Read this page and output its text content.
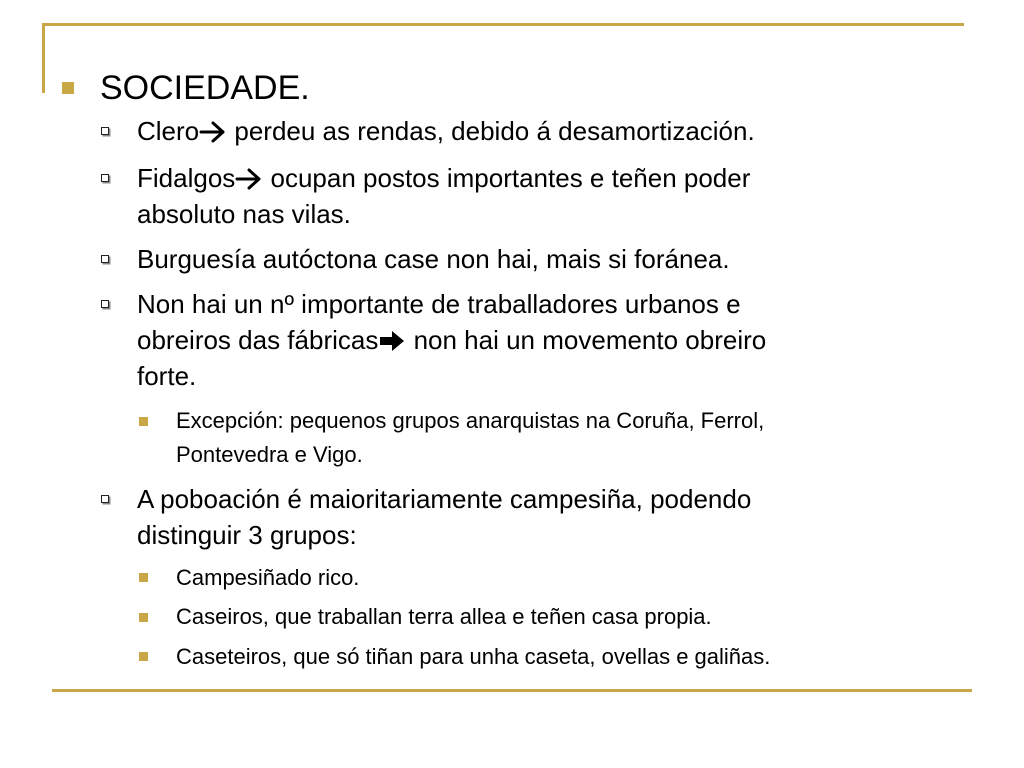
SOCIEDADE.
Clero perdeu as rendas, debido á desamortización.
Fidalgos ocupan postos importantes e teñen poder
absoluto nas vilas.
Burguesía autóctona case non hai, mais si foránea.
Non hai un nº importante de traballadores urbanos e
obreiros das fábricas non hai un movemento obreiro
forte.
Excepción: pequenos grupos anarquistas na Coruña, Ferrol,
Pontevedra e Vigo.
A poboación é maioritariamente campesiña, podendo
distinguir 3 grupos:
Campesiñado rico.
Caseiros, que traballan terra allea e teñen casa propia.
Caseteiros, que só tiñan para unha caseta, ovellas e galiñas.
